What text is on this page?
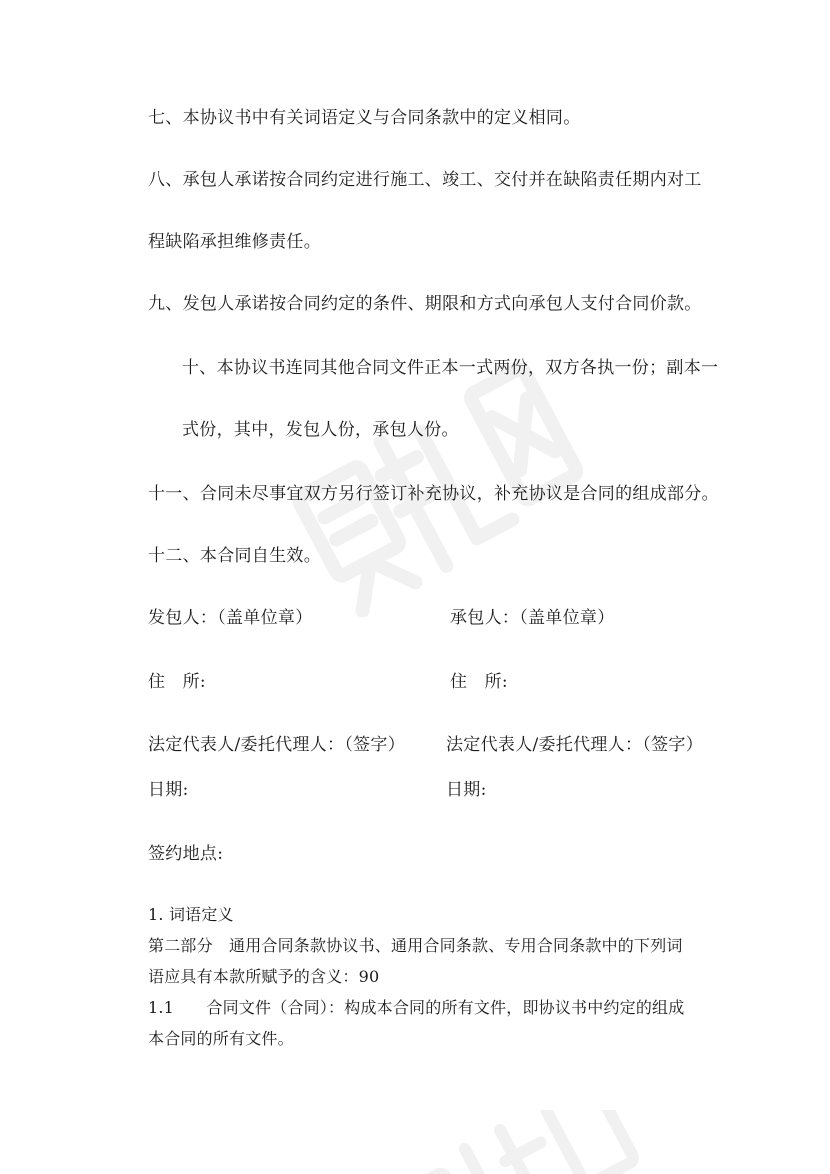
七、本协议书中有关词语定义与合同条款中的定义相同。
八、承包人承诺按合同约定进行施工、竣工、交付并在缺陷责任期内对工
程缺陷承担维修责任。
九、发包人承诺按合同约定的条件、期限和方式向承包人支付合同价款。
十、本协议书连同其他合同文件正本一式两份，双方各执一份；副本一
式份，其中，发包人份，承包人份。
十一、合同未尽事宜双方另行签订补充协议，补充协议是合同的组成部分。
十二、本合同自生效。
发包人：（盖单位章）	承包人：（盖单位章）
住　所:	住　所:
法定代表人/委托代理人：（签字） 法定代表人/委托代理人：（签字）
日期:	日期:
签约地点:
1. 词语定义
第二部分　通用合同条款协议书、通用合同条款、专用合同条款中的下列词
语应具有本款所赋予的含义：90
1.1　　合同文件（合同）：构成本合同的所有文件，即协议书中约定的组成
本合同的所有文件。
